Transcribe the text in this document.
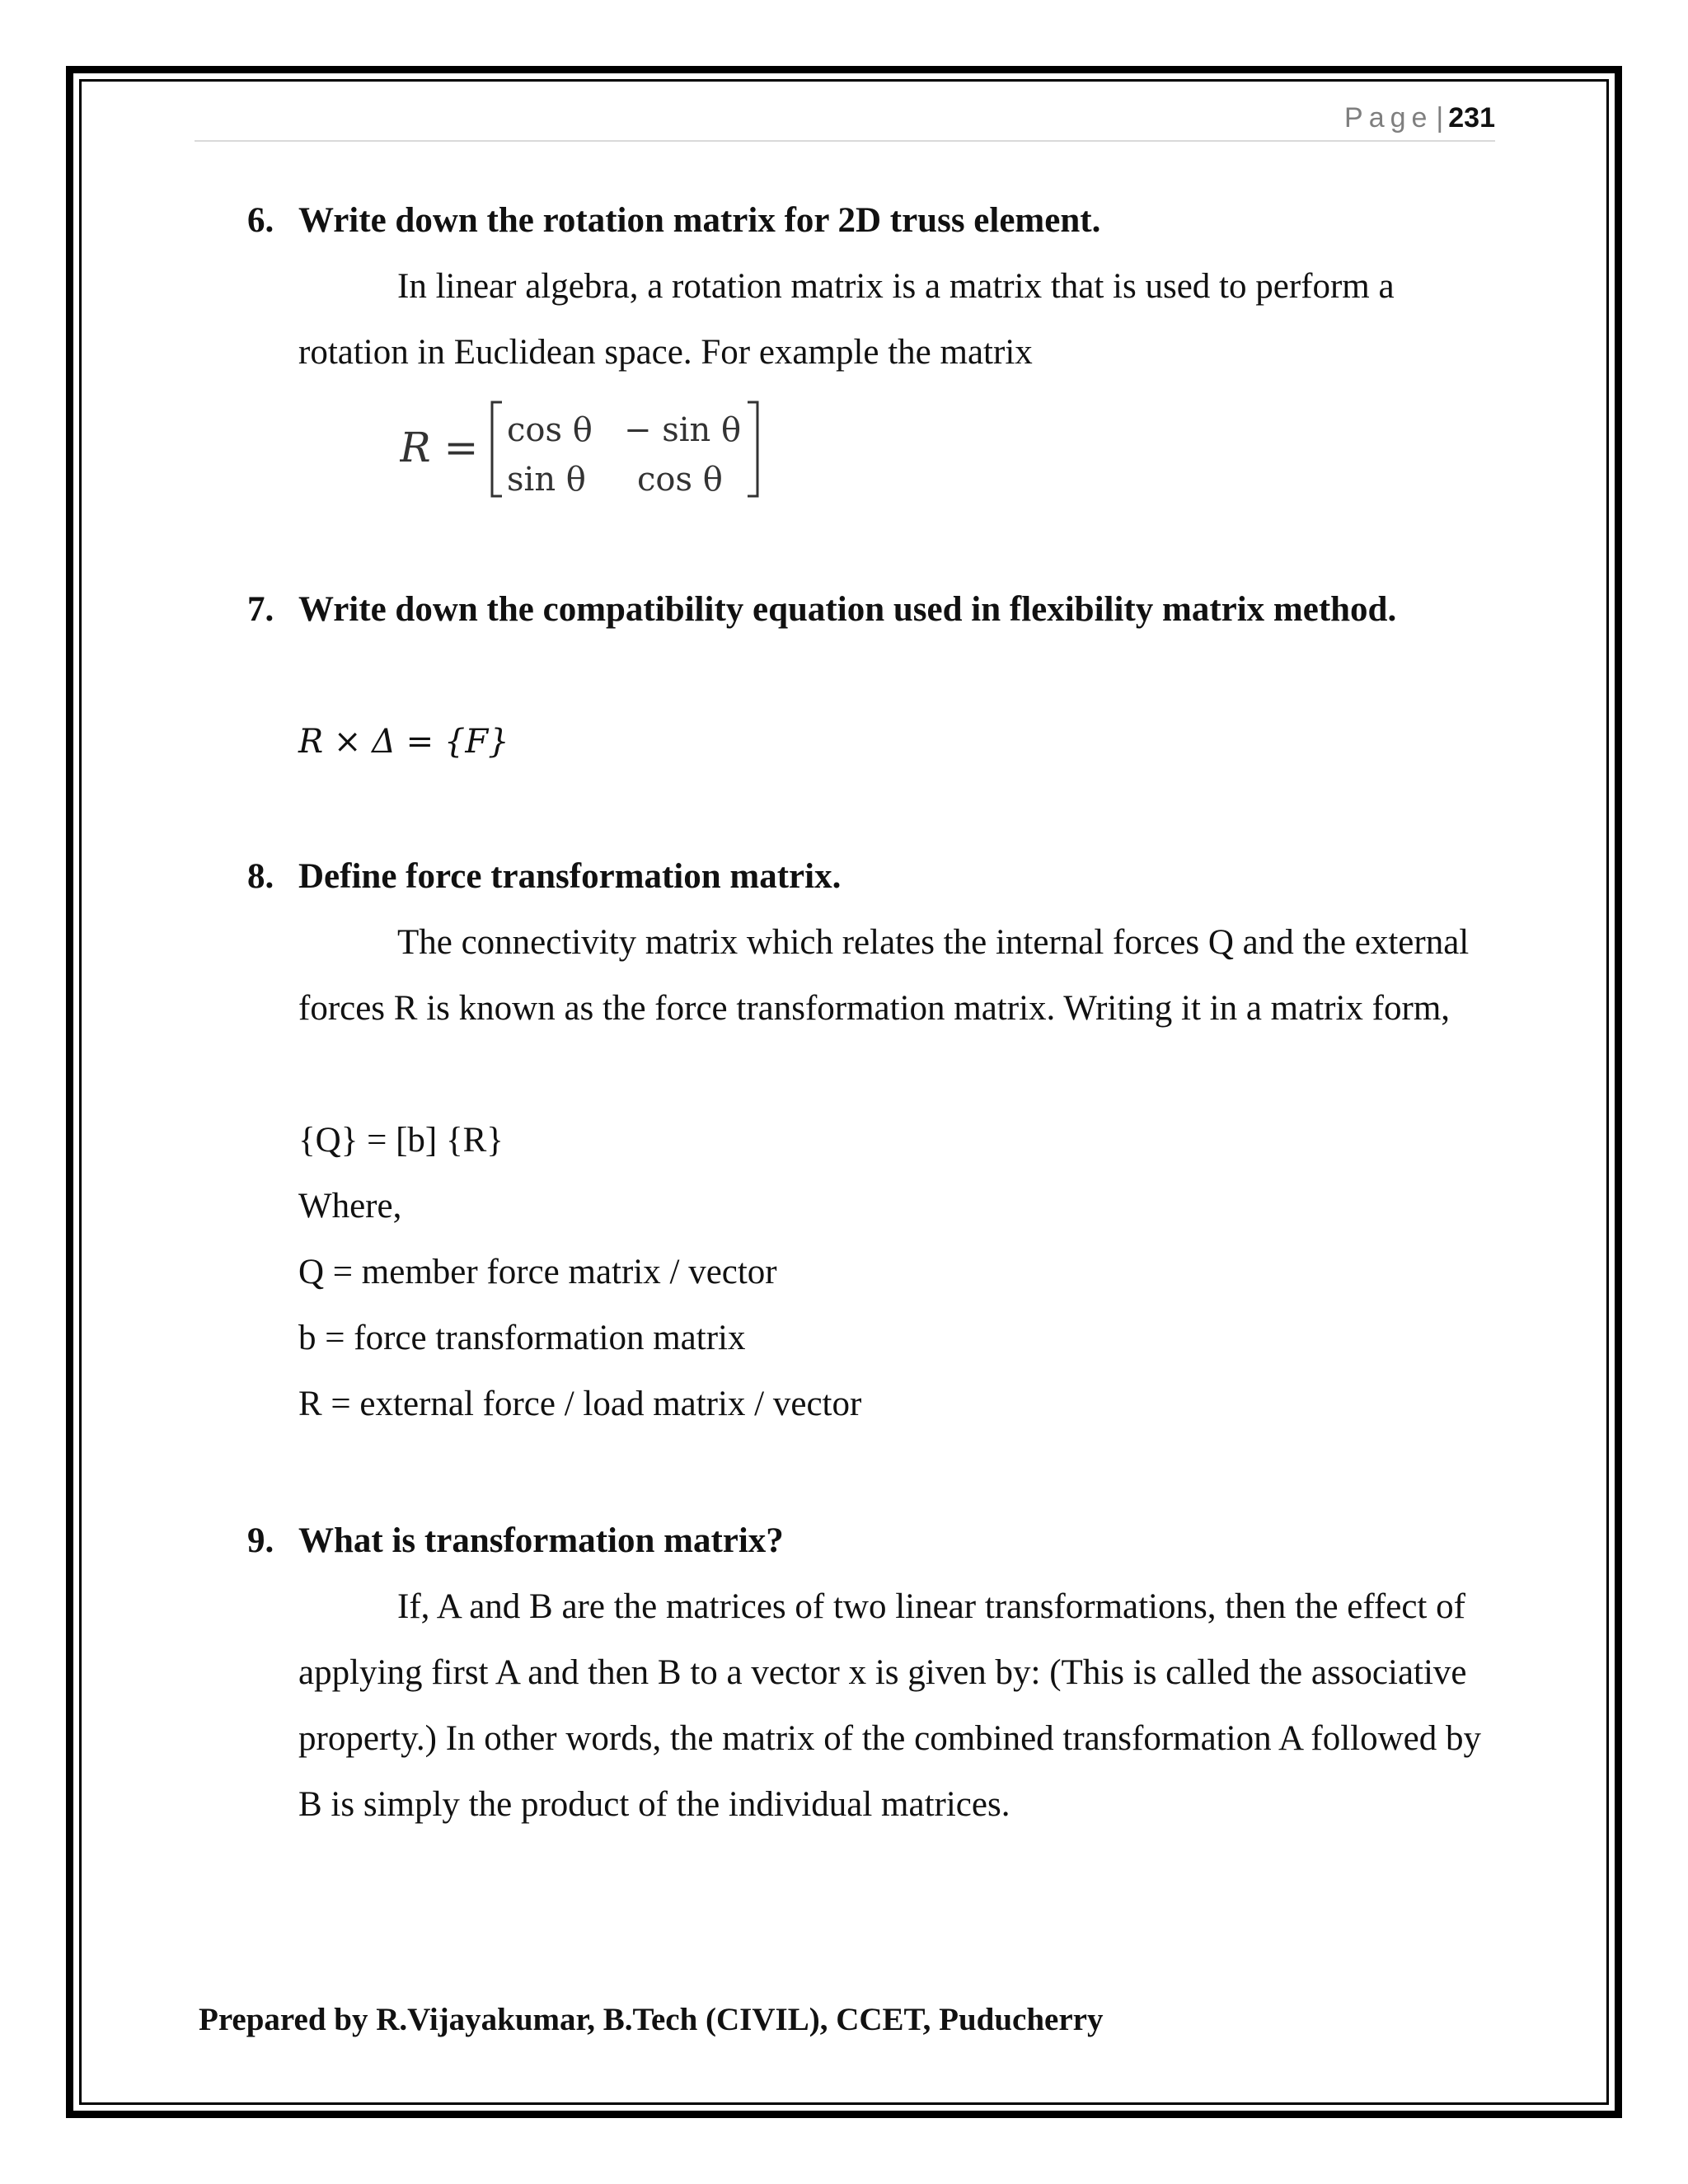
Page | 231
6. Write down the rotation matrix for 2D truss element.
In linear algebra, a rotation matrix is a matrix that is used to perform a rotation in Euclidean space. For example the matrix
R = cos θ − sin θ
sin θ cos θ
7. Write down the compatibility equation used in flexibility matrix method.
R × Δ = {F}
8. Define force transformation matrix.
The connectivity matrix which relates the internal forces Q and the external forces R is known as the force transformation matrix. Writing it in a matrix form,
{Q} = [b] {R}
Where,
Q = member force matrix / vector
b = force transformation matrix
R = external force / load matrix / vector
9. What is transformation matrix?
If, A and B are the matrices of two linear transformations, then the effect of applying first A and then B to a vector x is given by: (This is called the associative property.) In other words, the matrix of the combined transformation A followed by B is simply the product of the individual matrices.
Prepared by R.Vijayakumar, B.Tech (CIVIL), CCET, Puducherry
